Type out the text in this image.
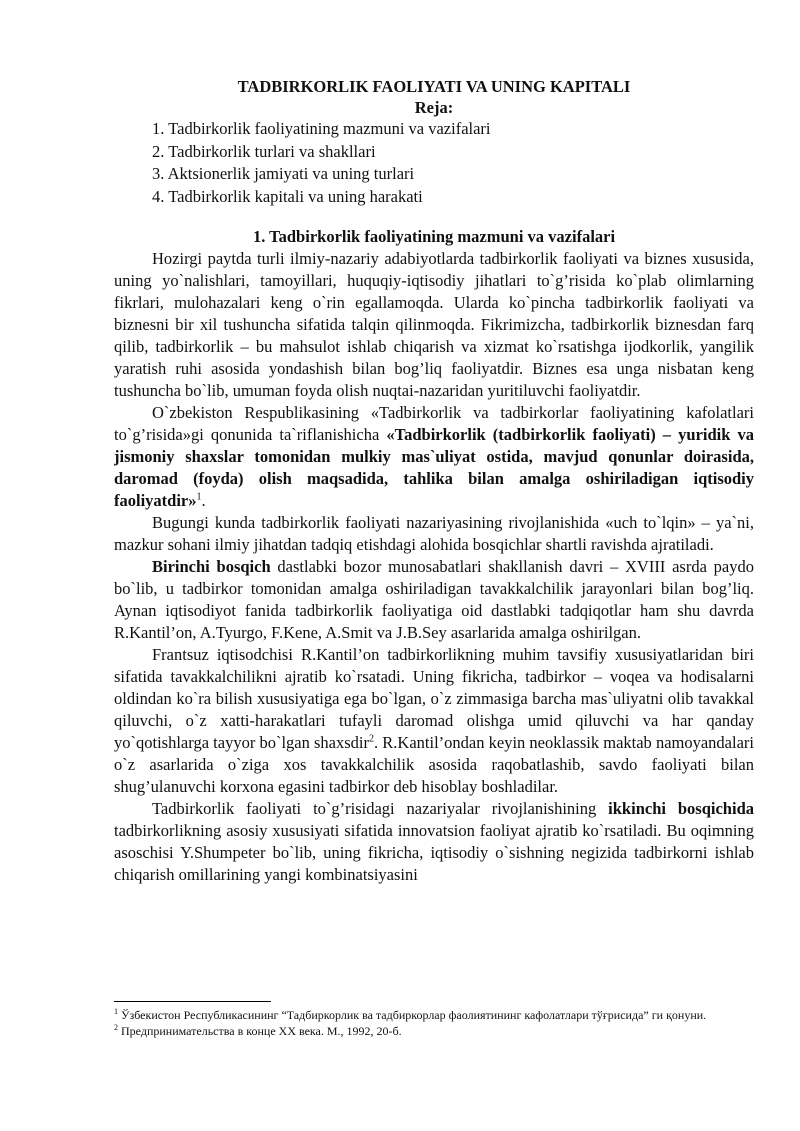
TADBIRKORLIK FAOLIYATI VA UNING KAPITALI

Reja:

1. Tadbirkorlik faoliyatining mazmuni va vazifalari
2. Tadbirkorlik turlari va shakllari
3. Aktsionerlik jamiyati va uning turlari
4. Tadbirkorlik kapitali va uning harakati

1. Tadbirkorlik faoliyatining mazmuni va vazifalari

Hozirgi paytda turli ilmiy-nazariy adabiyotlarda tadbirkorlik faoliyati va biznes xususida, uning yo`nalishlari, tamoyillari, huquqiy-iqtisodiy jihatlari to`g’risida ko`plab olimlarning fikrlari, mulohazalari keng o`rin egallamoqda. Ularda ko`pincha tadbirkorlik faoliyati va biznesni bir xil tushuncha sifatida talqin qilinmoqda. Fikrimizcha, tadbirkorlik biznesdan farq qilib, tadbirkorlik – bu mahsulot ishlab chiqarish va xizmat ko`rsatishga ijodkorlik, yangilik yaratish ruhi asosida yondashish bilan bog’liq faoliyatdir. Biznes esa unga nisbatan keng tushuncha bo`lib, umuman foyda olish nuqtai-nazaridan yuritiluvchi faoliyatdir.

O`zbekiston Respublikasining «Tadbirkorlik va tadbirkorlar faoliyatining kafolatlari to`g’risida»gi qonunida ta`riflanishicha «Tadbirkorlik (tadbirkorlik faoliyati) – yuridik va jismoniy shaxslar tomonidan mulkiy mas`uliyat ostida, mavjud qonunlar doirasida, daromad (foyda) olish maqsadida, tahlika bilan amalga oshiriladigan iqtisodiy faoliyatdir»$^1$.

Bugungi kunda tadbirkorlik faoliyati nazariyasining rivojlanishida «uch to`lqin» – ya`ni, mazkur sohani ilmiy jihatdan tadqiq etishdagi alohida bosqichlar shartli ravishda ajratiladi.

Birinchi bosqich dastlabki bozor munosabatlari shakllanish davri – XVIII asrda paydo bo`lib, u tadbirkor tomonidan amalga oshiriladigan tavakkalchilik jarayonlari bilan bog’liq. Aynan iqtisodiyot fanida tadbirkorlik faoliyatiga oid dastlabki tadqiqotlar ham shu davrda R.Kantil’on, A.Tyurgo, F.Kene, A.Smit va J.B.Sey asarlarida amalga oshirilgan.

Frantsuz iqtisodchisi R.Kantil’on tadbirkorlikning muhim tavsifiy xususiyatlaridan biri sifatida tavakkalchilikni ajratib ko`rsatadi. Uning fikricha, tadbirkor – voqea va hodisalarni oldindan ko`ra bilish xususiyatiga ega bo`lgan, o`z zimmasiga barcha mas`uliyatni olib tavakkal qiluvchi, o`z xatti-harakatlari tufayli daromad olishga umid qiluvchi va har qanday yo`qotishlarga tayyor bo`lgan shaxsdir$^2$. R.Kantil’ondan keyin neoklassik maktab namoyandalari o`z asarlarida o`ziga xos tavakkalchilik asosida raqobatlashib, savdo faoliyati bilan shug’ulanuvchi korxona egasini tadbirkor deb hisoblay boshladilar.

Tadbirkorlik faoliyati to`g’risidagi nazariyalar rivojlanishining ikkinchi bosqichida tadbirkorlikning asosiy xususiyati sifatida innovatsion faoliyat ajratib ko`rsatiladi. Bu oqimning asoschisi Y.Shumpeter bo`lib, uning fikricha, iqtisodiy o`sishning negizida tadbirkorni ishlab chiqarish omillarining yangi kombinatsiyasini

$^1$ Ўзбекистон Республикасининг “Тадбиркорлик ва тадбиркорлар фаолиятининг кафолатлари тўғрисида” ги қонуни.

$^2$ Предпринимательства в конце XX века. М., 1992, 20-б.
